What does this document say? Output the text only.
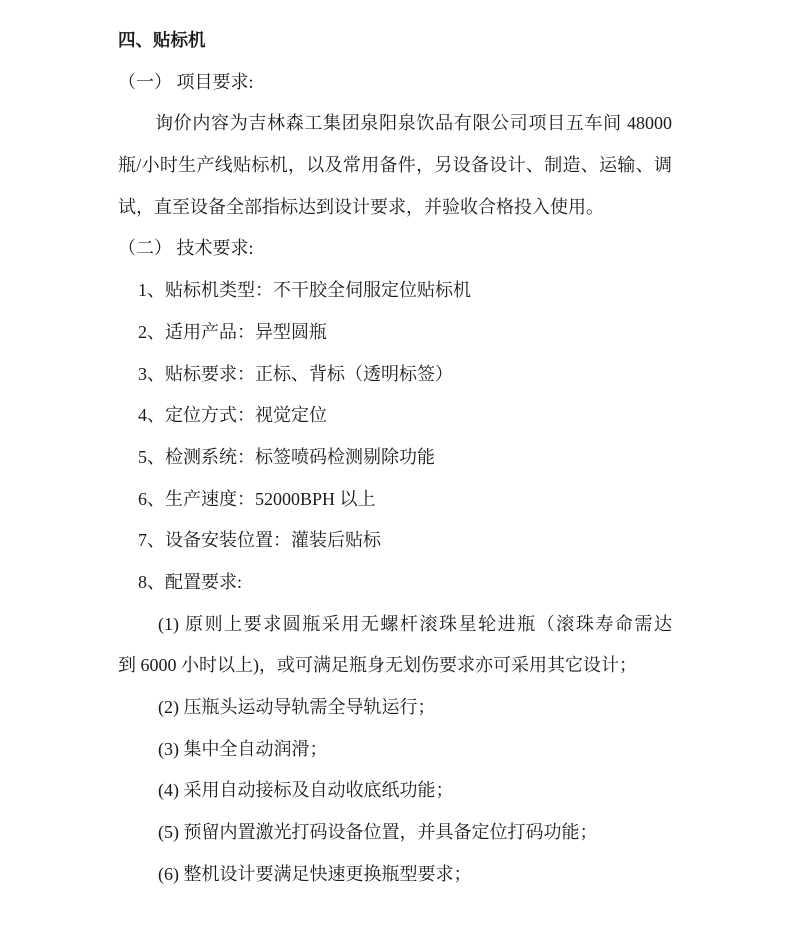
四、贴标机
（一） 项目要求:
询价内容为吉林森工集团泉阳泉饮品有限公司项目五车间 48000
瓶/小时生产线贴标机，以及常用备件，另设备设计、制造、运输、调
试，直至设备全部指标达到设计要求，并验收合格投入使用。
（二） 技术要求:
1、贴标机类型：不干胶全伺服定位贴标机
2、适用产品：异型圆瓶
3、贴标要求：正标、背标（透明标签）
4、定位方式：视觉定位
5、检测系统：标签喷码检测剔除功能
6、生产速度：52000BPH 以上
7、设备安装位置：灌装后贴标
8、配置要求:
(1) 原则上要求圆瓶采用无螺杆滚珠星轮进瓶（滚珠寿命需达
到 6000 小时以上)，或可满足瓶身无划伤要求亦可采用其它设计；
(2) 压瓶头运动导轨需全导轨运行；
(3) 集中全自动润滑；
(4) 采用自动接标及自动收底纸功能；
(5) 预留内置激光打码设备位置，并具备定位打码功能；
(6) 整机设计要满足快速更换瓶型要求；
